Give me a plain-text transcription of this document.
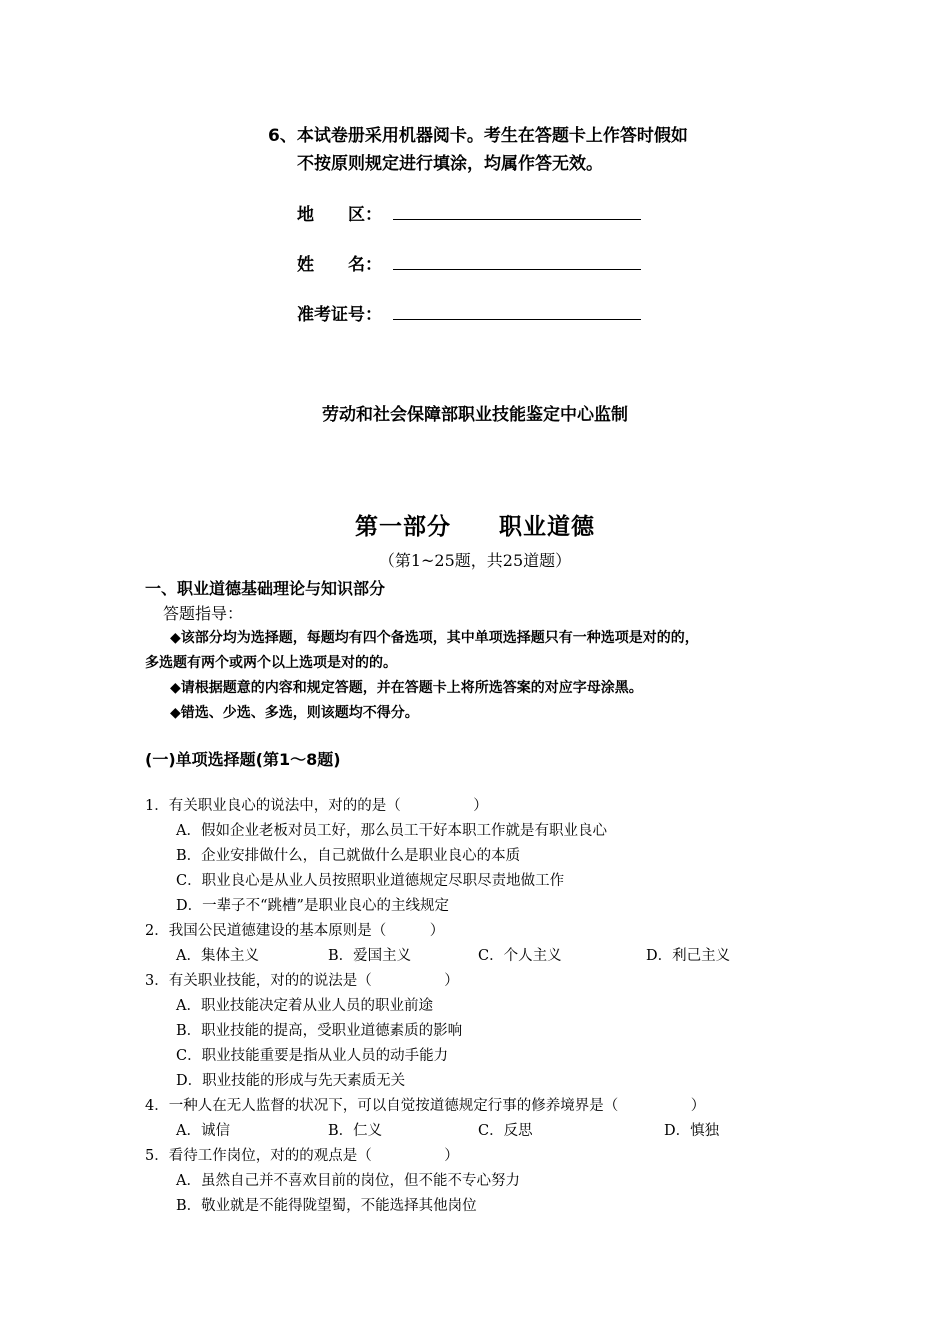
6、本试卷册采用机器阅卡。考生在答题卡上作答时假如
不按原则规定进行填涂，均属作答无效。
地　　区：
姓　　名：
准考证号：
劳动和社会保障部职业技能鉴定中心监制
第一部分　　职业道德
（第1~25题，共25道题）
一、职业道德基础理论与知识部分
答题指导：
◆该部分均为选择题，每题均有四个备选项，其中单项选择题只有一种选项是对的的，
多选题有两个或两个以上选项是对的的。
◆请根据题意的内容和规定答题，并在答题卡上将所选答案的对应字母涂黑。
◆错选、少选、多选，则该题均不得分。
(一)单项选择题(第1～8题)
1．有关职业良心的说法中，对的的是（　　　　　）
A．假如企业老板对员工好，那么员工干好本职工作就是有职业良心
B．企业安排做什么，自己就做什么是职业良心的本质
C．职业良心是从业人员按照职业道德规定尽职尽责地做工作
D．一辈子不“跳槽”是职业良心的主线规定
2．我国公民道德建设的基本原则是（　　　）
A．集体主义	B．爱国主义	C．个人主义	D．利己主义
3．有关职业技能，对的的说法是（　　　　　）
A．职业技能决定着从业人员的职业前途
B．职业技能的提高，受职业道德素质的影响
C．职业技能重要是指从业人员的动手能力
D．职业技能的形成与先天素质无关
4．一种人在无人监督的状况下，可以自觉按道德规定行事的修养境界是（　　　　　）
A．诚信	B．仁义	C．反思	D．慎独
5．看待工作岗位，对的的观点是（　　　　　）
A．虽然自己并不喜欢目前的岗位，但不能不专心努力
B．敬业就是不能得陇望蜀，不能选择其他岗位
